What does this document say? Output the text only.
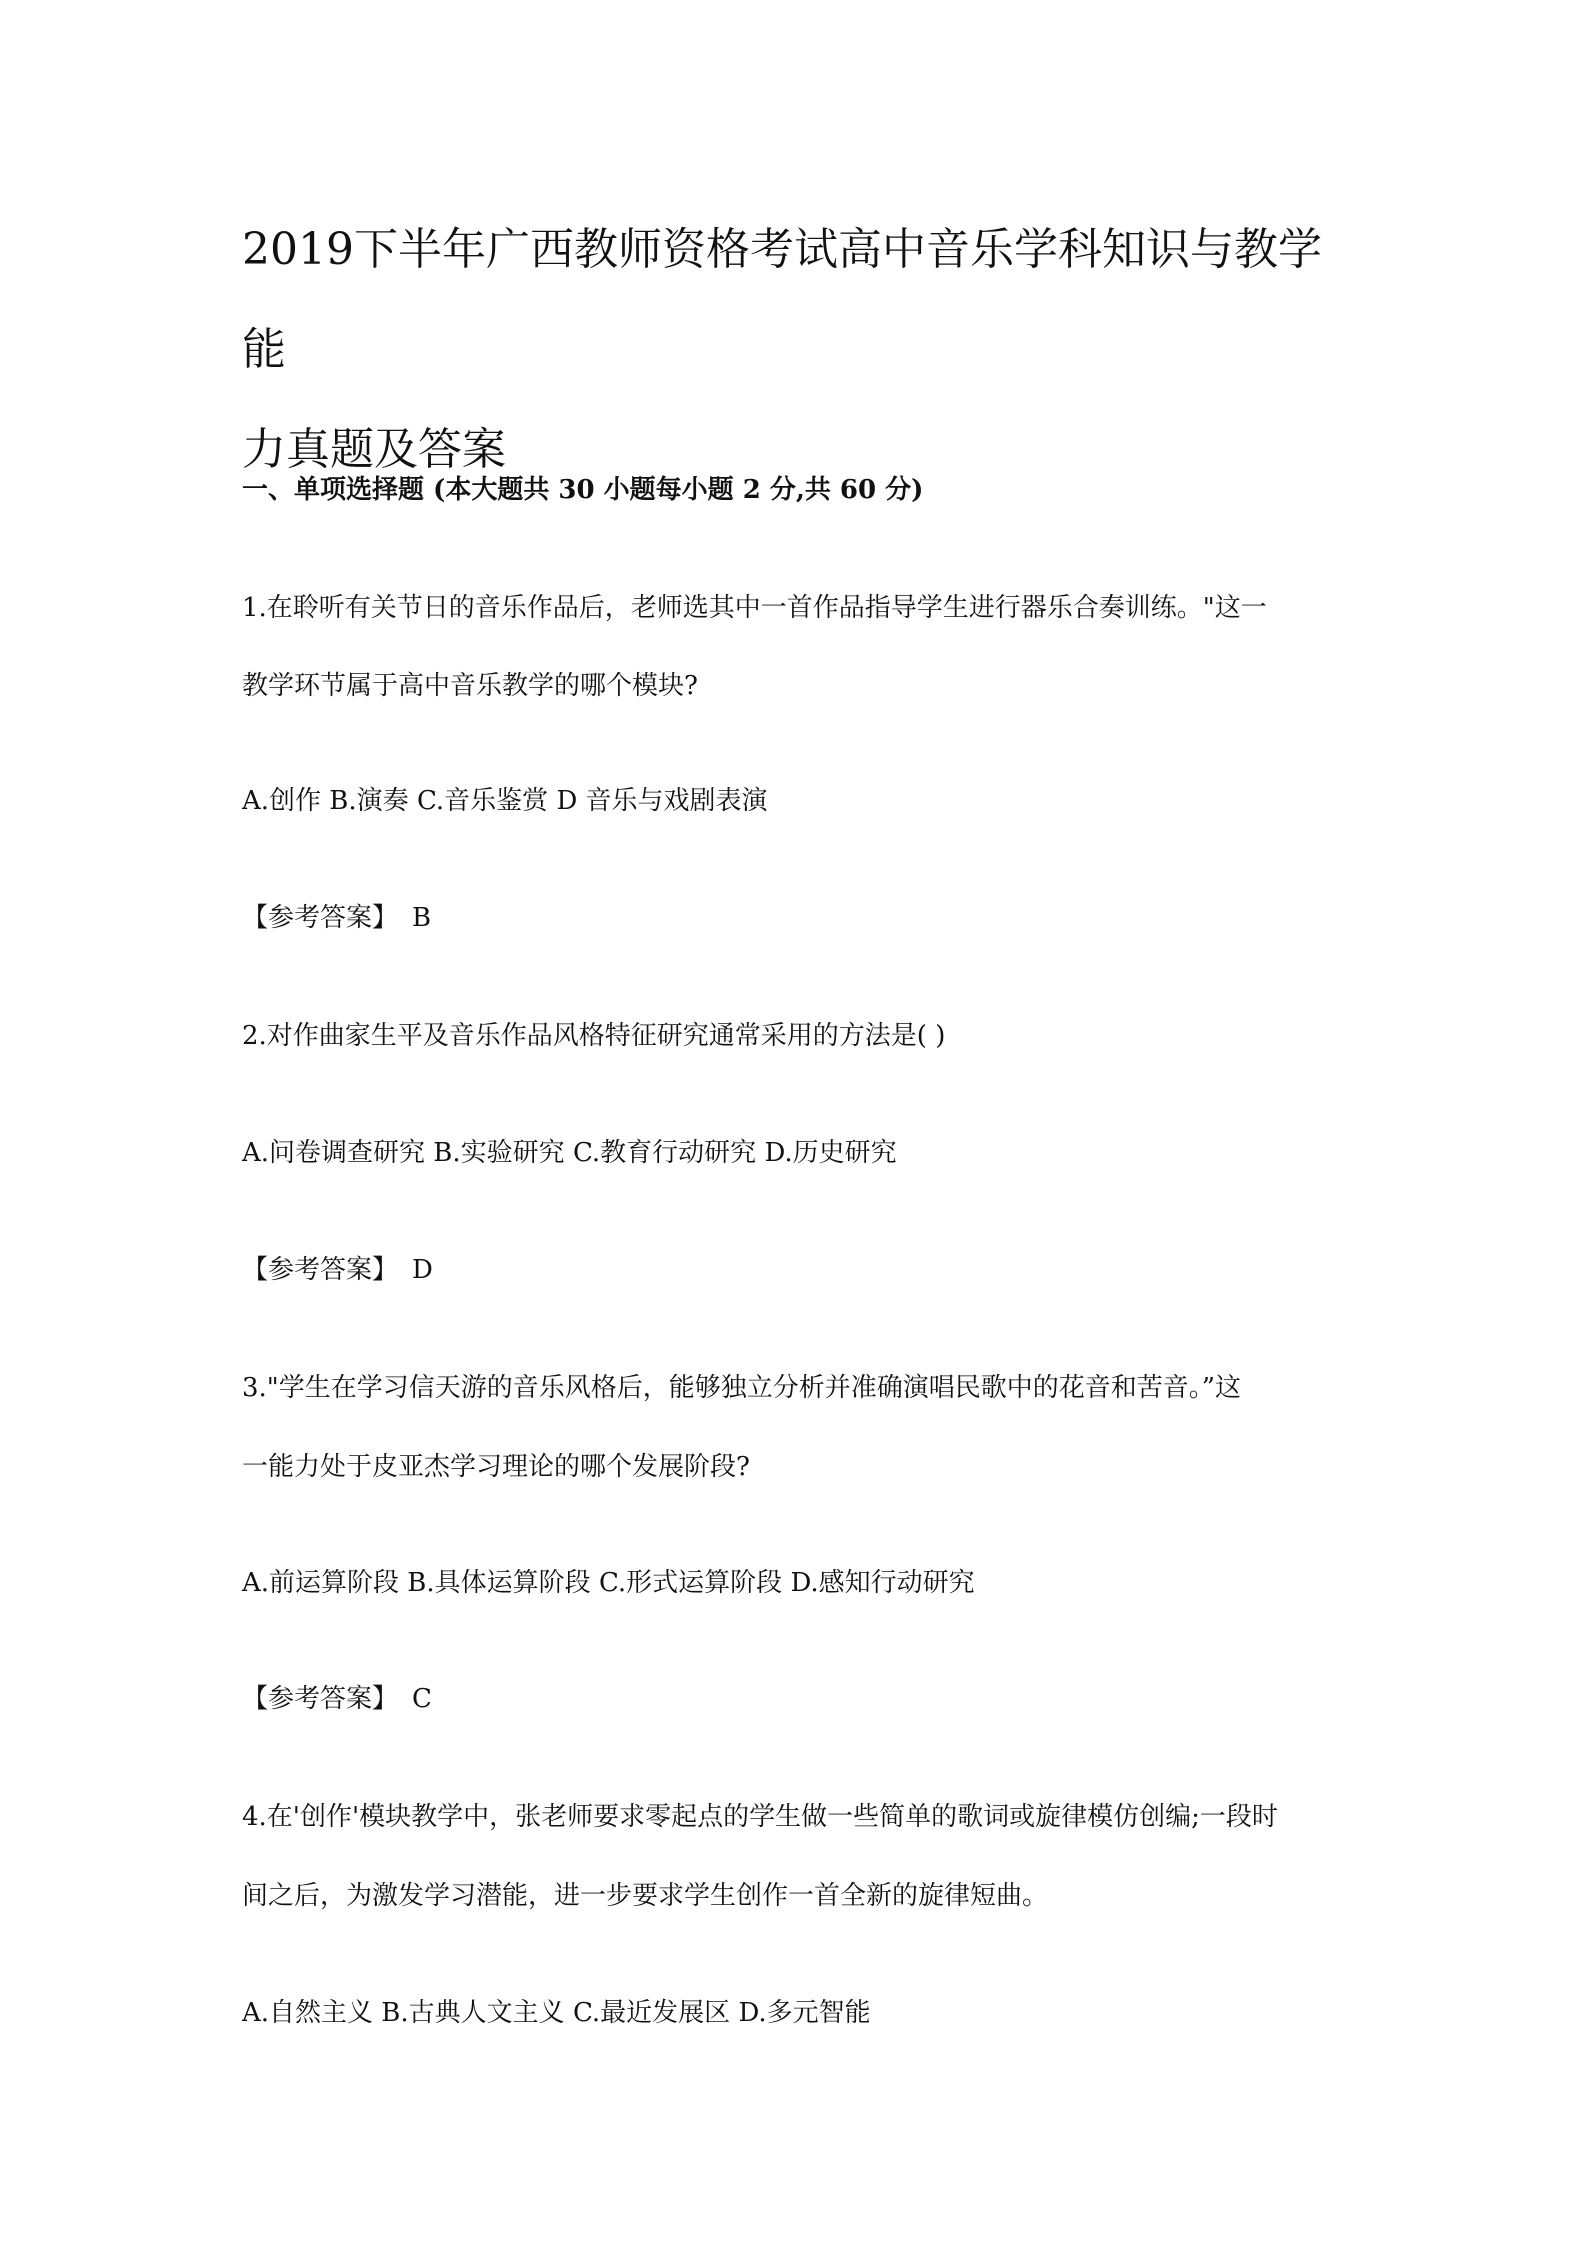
2019下半年广西教师资格考试高中音乐学科知识与教学能
力真题及答案

一、单项选择题 (本大题共 30 小题每小题 2 分,共 60 分)

1.在聆听有关节日的音乐作品后，老师选其中一首作品指导学生进行器乐合奏训练。"这一

教学环节属于高中音乐教学的哪个模块?

A.创作 B.演奏 C.音乐鉴赏 D 音乐与戏剧表演

【参考答案】 B

2.对作曲家生平及音乐作品风格特征研究通常采用的方法是( )

A.问卷调查研究 B.实验研究 C.教育行动研究 D.历史研究

【参考答案】 D

3."学生在学习信天游的音乐风格后，能够独立分析并准确演唱民歌中的花音和苦音。”这

一能力处于皮亚杰学习理论的哪个发展阶段?

A.前运算阶段 B.具体运算阶段 C.形式运算阶段 D.感知行动研究

【参考答案】 C

4.在'创作'模块教学中，张老师要求零起点的学生做一些简单的歌词或旋律模仿创编;一段时

间之后，为激发学习潜能，进一步要求学生创作一首全新的旋律短曲。

A.自然主义 B.古典人文主义 C.最近发展区 D.多元智能
